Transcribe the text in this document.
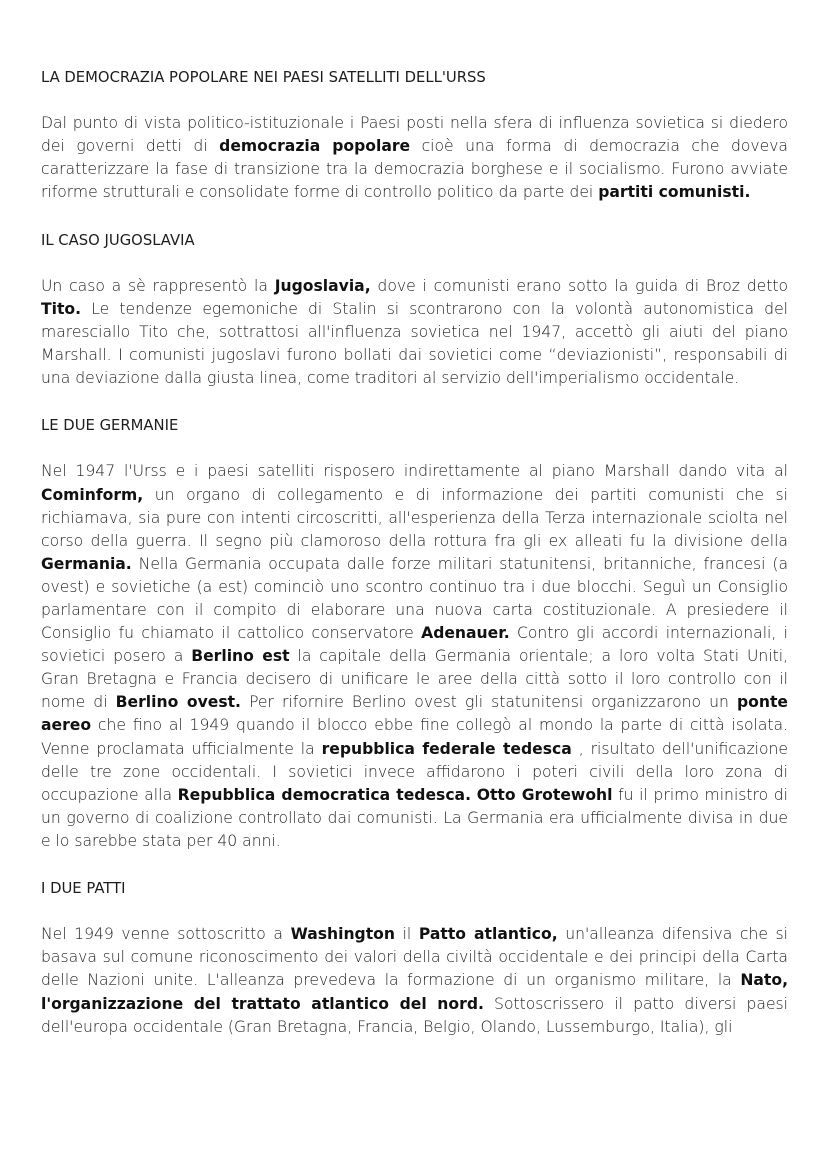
LA DEMOCRAZIA POPOLARE NEI PAESI SATELLITI DELL'URSS

Dal punto di vista politico-istituzionale i Paesi posti nella sfera di influenza sovietica si diedero dei governi detti di democrazia popolare cioè una forma di democrazia che doveva caratterizzare la fase di transizione tra la democrazia borghese e il socialismo. Furono avviate riforme strutturali e consolidate forme di controllo politico da parte dei partiti comunisti.

IL CASO JUGOSLAVIA

Un caso a sè rappresentò la Jugoslavia, dove i comunisti erano sotto la guida di Broz detto Tito. Le tendenze egemoniche di Stalin si scontrarono con la volontà autonomistica del maresciallo Tito che, sottrattosi all'influenza sovietica nel 1947, accettò gli aiuti del piano Marshall. I comunisti jugoslavi furono bollati dai sovietici come “deviazionisti”, responsabili di una deviazione dalla giusta linea, come traditori al servizio dell'imperialismo occidentale.

LE DUE GERMANIE

Nel 1947 l'Urss e i paesi satelliti risposero indirettamente al piano Marshall dando vita al Cominform, un organo di collegamento e di informazione dei partiti comunisti che si richiamava, sia pure con intenti circoscritti, all'esperienza della Terza internazionale sciolta nel corso della guerra. Il segno più clamoroso della rottura fra gli ex alleati fu la divisione della Germania. Nella Germania occupata dalle forze militari statunitensi, britanniche, francesi (a ovest) e sovietiche (a est) cominciò uno scontro continuo tra i due blocchi. Seguì un Consiglio parlamentare con il compito di elaborare una nuova carta costituzionale. A presiedere il Consiglio fu chiamato il cattolico conservatore Adenauer. Contro gli accordi internazionali, i sovietici posero a Berlino est la capitale della Germania orientale; a loro volta Stati Uniti, Gran Bretagna e Francia decisero di unificare le aree della città sotto il loro controllo con il nome di Berlino ovest. Per rifornire Berlino ovest gli statunitensi organizzarono un ponte aereo che fino al 1949 quando il blocco ebbe fine collegò al mondo la parte di città isolata. Venne proclamata ufficialmente la repubblica federale tedesca , risultato dell'unificazione delle tre zone occidentali. I sovietici invece affidarono i poteri civili della loro zona di occupazione alla Repubblica democratica tedesca. Otto Grotewohl fu il primo ministro di un governo di coalizione controllato dai comunisti. La Germania era ufficialmente divisa in due e lo sarebbe stata per 40 anni.

I DUE PATTI

Nel 1949 venne sottoscritto a Washington il Patto atlantico, un'alleanza difensiva che si basava sul comune riconoscimento dei valori della civiltà occidentale e dei principi della Carta delle Nazioni unite. L'alleanza prevedeva la formazione di un organismo militare, la Nato, l'organizzazione del trattato atlantico del nord. Sottoscrissero il patto diversi paesi dell'europa occidentale (Gran Bretagna, Francia, Belgio, Olando, Lussemburgo, Italia), gli
